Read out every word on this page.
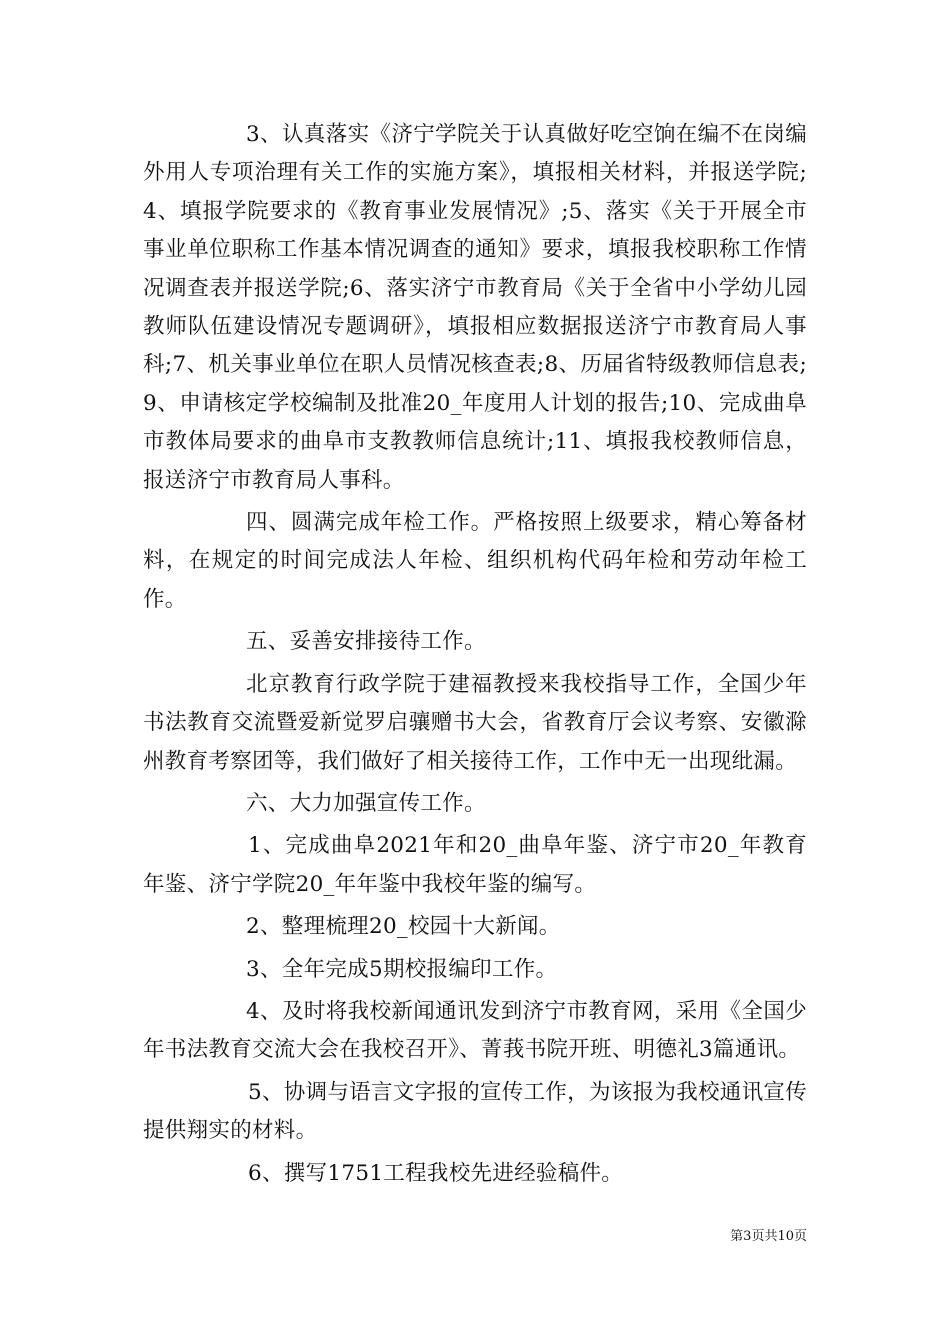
3、认真落实《济宁学院关于认真做好吃空饷在编不在岗编外用人专项治理有关工作的实施方案》，填报相关材料，并报送学院;4、填报学院要求的《教育事业发展情况》;5、落实《关于开展全市事业单位职称工作基本情况调查的通知》要求，填报我校职称工作情况调查表并报送学院;6、落实济宁市教育局《关于全省中小学幼儿园教师队伍建设情况专题调研》，填报相应数据报送济宁市教育局人事科;7、机关事业单位在职人员情况核查表;8、历届省特级教师信息表;9、申请核定学校编制及批准20_年度用人计划的报告;10、完成曲阜市教体局要求的曲阜市支教教师信息统计;11、填报我校教师信息，报送济宁市教育局人事科。

四、圆满完成年检工作。严格按照上级要求，精心筹备材料，在规定的时间完成法人年检、组织机构代码年检和劳动年检工作。

五、妥善安排接待工作。

北京教育行政学院于建福教授来我校指导工作，全国少年书法教育交流暨爱新觉罗启骧赠书大会，省教育厅会议考察、安徽滁州教育考察团等，我们做好了相关接待工作，工作中无一出现纰漏。

六、大力加强宣传工作。

1、完成曲阜2021年和20_曲阜年鉴、济宁市20_年教育年鉴、济宁学院20_年年鉴中我校年鉴的编写。

2、整理梳理20_校园十大新闻。

3、全年完成5期校报编印工作。

4、及时将我校新闻通讯发到济宁市教育网，采用《全国少年书法教育交流大会在我校召开》、菁莪书院开班、明德礼3篇通讯。

5、协调与语言文字报的宣传工作，为该报为我校通讯宣传提供翔实的材料。

6、撰写1751工程我校先进经验稿件。

第3页共10页
